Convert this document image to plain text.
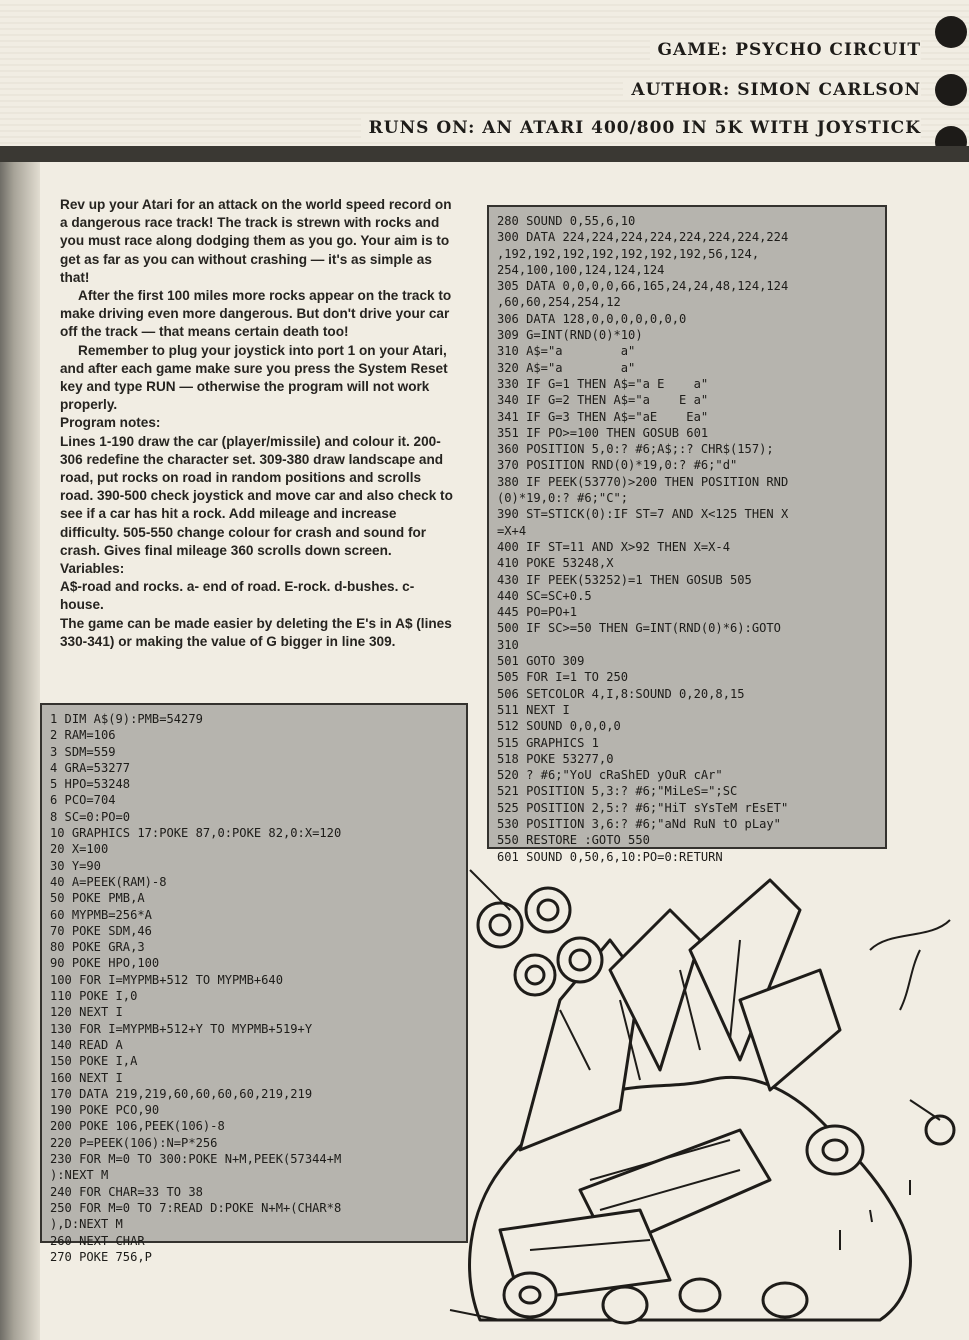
GAME: PSYCHO CIRCUIT
AUTHOR: SIMON CARLSON
RUNS ON: AN ATARI 400/800 IN 5K WITH JOYSTICK

Rev up your Atari for an attack on the world speed record on a dangerous race track! The track is strewn with rocks and you must race along dodging them as you go. Your aim is to get as far as you can without crashing — it's as simple as that!

After the first 100 miles more rocks appear on the track to make driving even more dangerous. But don't drive your car off the track — that means certain death too!

Remember to plug your joystick into port 1 on your Atari, and after each game make sure you press the System Reset key and type RUN — otherwise the program will not work properly.

Program notes:

Lines 1-190 draw the car (player/missile) and colour it. 200-306 redefine the character set. 309-380 draw landscape and road, put rocks on road in random positions and scrolls road. 390-500 check joystick and move car and also check to see if a car has hit a rock. Add mileage and increase difficulty. 505-550 change colour for crash and sound for crash. Gives final mileage 360 scrolls down screen.

Variables:

A$-road and rocks. a- end of road. E-rock. d-bushes. c-house.

The game can be made easier by deleting the E's in A$ (lines 330-341) or making the value of G bigger in line 309.

1 DIM A$(9):PMB=54279
2 RAM=106
3 SDM=559
4 GRA=53277
5 HPO=53248
6 PCO=704
8 SC=0:PO=0
10 GRAPHICS 17:POKE 87,0:POKE 82,0:X=120
20 X=100
30 Y=90
40 A=PEEK(RAM)-8
50 POKE PMB,A
60 MYPMB=256*A
70 POKE SDM,46
80 POKE GRA,3
90 POKE HPO,100
100 FOR I=MYPMB+512 TO MYPMB+640
110 POKE I,0
120 NEXT I
130 FOR I=MYPMB+512+Y TO MYPMB+519+Y
140 READ A
150 POKE I,A
160 NEXT I
170 DATA 219,219,60,60,60,60,219,219
190 POKE PCO,90
200 POKE 106,PEEK(106)-8
220 P=PEEK(106):N=P*256
230 FOR M=0 TO 300:POKE N+M,PEEK(57344+M
):NEXT M
240 FOR CHAR=33 TO 38
250 FOR M=0 TO 7:READ D:POKE N+M+(CHAR*8
),D:NEXT M
260 NEXT CHAR
270 POKE 756,P
280 SOUND 0,55,6,10
300 DATA 224,224,224,224,224,224,224,224
,192,192,192,192,192,192,192,56,124,
254,100,100,124,124,124
305 DATA 0,0,0,0,66,165,24,24,48,124,124
,60,60,254,254,12
306 DATA 128,0,0,0,0,0,0,0
309 G=INT(RND(0)*10)
310 A$="a        a"
320 A$="a        a"
330 IF G=1 THEN A$="a E    a"
340 IF G=2 THEN A$="a    E a"
341 IF G=3 THEN A$="aE    Ea"
351 IF PO>=100 THEN GOSUB 601
360 POSITION 5,0:? #6;A$;:? CHR$(157);
370 POSITION RND(0)*19,0:? #6;"d"
380 IF PEEK(53770)>200 THEN POSITION RND
(0)*19,0:? #6;"C";
390 ST=STICK(0):IF ST=7 AND X<125 THEN X
=X+4
400 IF ST=11 AND X>92 THEN X=X-4
410 POKE 53248,X
430 IF PEEK(53252)=1 THEN GOSUB 505
440 SC=SC+0.5
445 PO=PO+1
500 IF SC>=50 THEN G=INT(RND(0)*6):GOTO
310
501 GOTO 309
505 FOR I=1 TO 250
506 SETCOLOR 4,I,8:SOUND 0,20,8,15
511 NEXT I
512 SOUND 0,0,0,0
515 GRAPHICS 1
518 POKE 53277,0
520 ? #6;"YoU cRaShED yOuR cAr"
521 POSITION 5,3:? #6;"MiLeS=";SC
525 POSITION 2,5:? #6;"HiT sYsTeM rEsET"
530 POSITION 3,6:? #6;"aNd RuN tO pLay"
550 RESTORE :GOTO 550
601 SOUND 0,50,6,10:PO=0:RETURN
